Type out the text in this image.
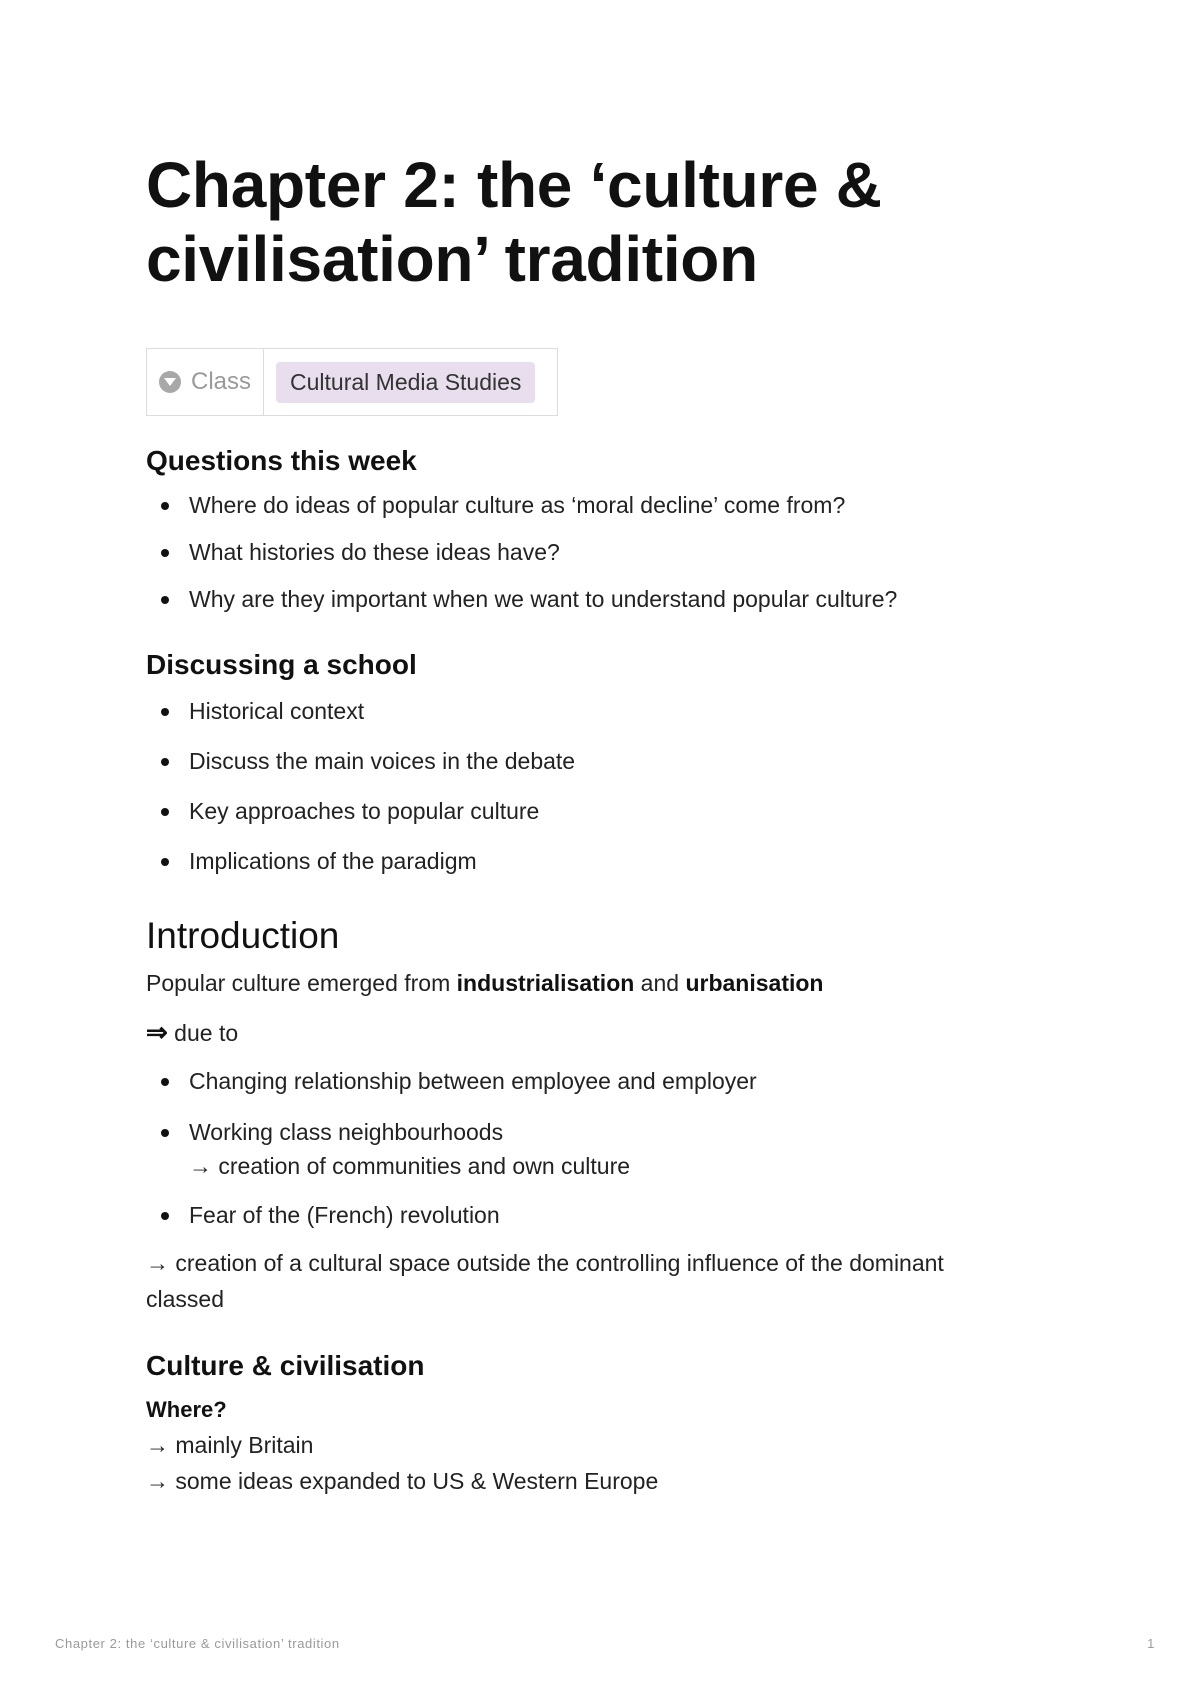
Chapter 2: the ‘culture &
civilisation’ tradition
Class	Cultural Media Studies
Questions this week
Where do ideas of popular culture as ‘moral decline’ come from?
What histories do these ideas have?
Why are they important when we want to understand popular culture?
Discussing a school
Historical context
Discuss the main voices in the debate
Key approaches to popular culture
Implications of the paradigm
Introduction

Popular culture emerged from industrialisation and urbanisation

⇒ due to

Changing relationship between employee and employer
Working class neighbourhoods
→ creation of communities and own culture
Fear of the (French) revolution

→ creation of a cultural space outside the controlling influence of the dominant
classed

Culture & civilisation
Where?

→ mainly Britain

→ some ideas expanded to US & Western Europe

Chapter 2: the ‘culture & civilisation’ tradition	1
